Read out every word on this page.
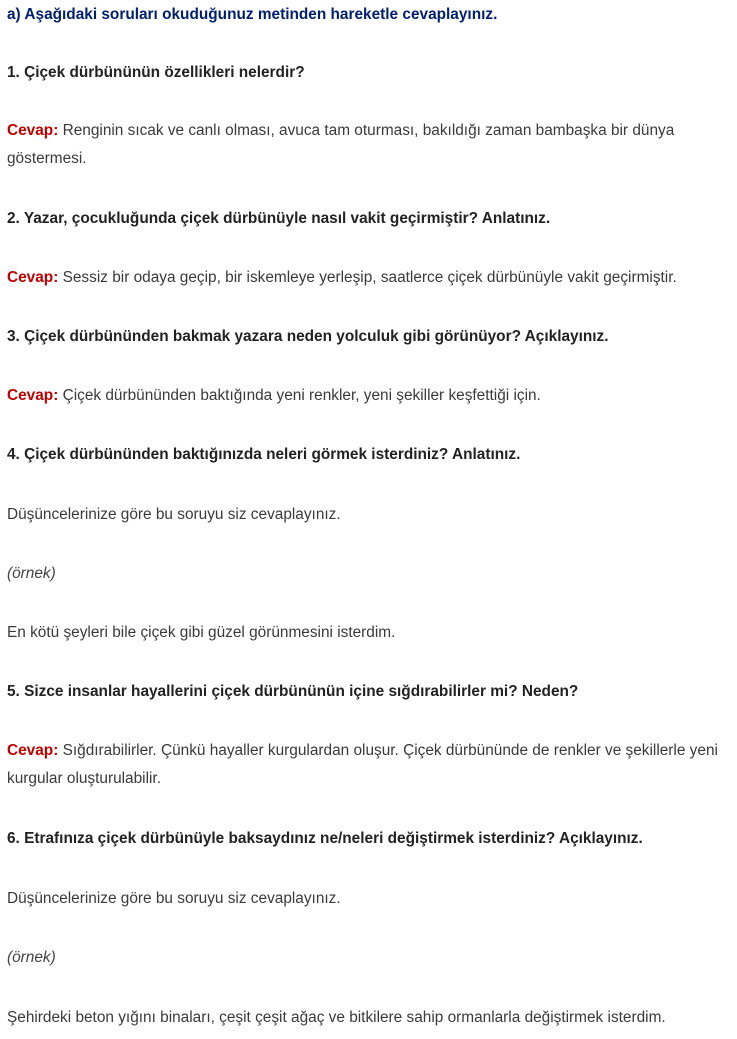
a) Aşağıdaki soruları okuduğunuz metinden hareketle cevaplayınız.
1. Çiçek dürbününün özellikleri nelerdir?
Cevap: Renginin sıcak ve canlı olması, avuca tam oturması, bakıldığı zaman bambaşka bir dünya göstermesi.
2. Yazar, çocukluğunda çiçek dürbünüyle nasıl vakit geçirmiştir? Anlatınız.
Cevap: Sessiz bir odaya geçip, bir iskemleye yerleşip, saatlerce çiçek dürbünüyle vakit geçirmiştir.
3. Çiçek dürbününden bakmak yazara neden yolculuk gibi görünüyor? Açıklayınız.
Cevap: Çiçek dürbününden baktığında yeni renkler, yeni şekiller keşfettiği için.
4. Çiçek dürbününden baktığınızda neleri görmek isterdiniz? Anlatınız.
Düşüncelerinize göre bu soruyu siz cevaplayınız.
(örnek)
En kötü şeyleri bile çiçek gibi güzel görünmesini isterdim.
5. Sizce insanlar hayallerini çiçek dürbününün içine sığdırabilirler mi? Neden?
Cevap: Sığdırabilirler. Çünkü hayaller kurgulardan oluşur. Çiçek dürbününde de renkler ve şekillerle yeni kurgular oluşturulabilir.
6. Etrafınıza çiçek dürbünüyle baksaydınız ne/neleri değiştirmek isterdiniz? Açıklayınız.
Düşüncelerinize göre bu soruyu siz cevaplayınız.
(örnek)
Şehirdeki beton yığını binaları, çeşit çeşit ağaç ve bitkilere sahip ormanlarla değiştirmek isterdim.
